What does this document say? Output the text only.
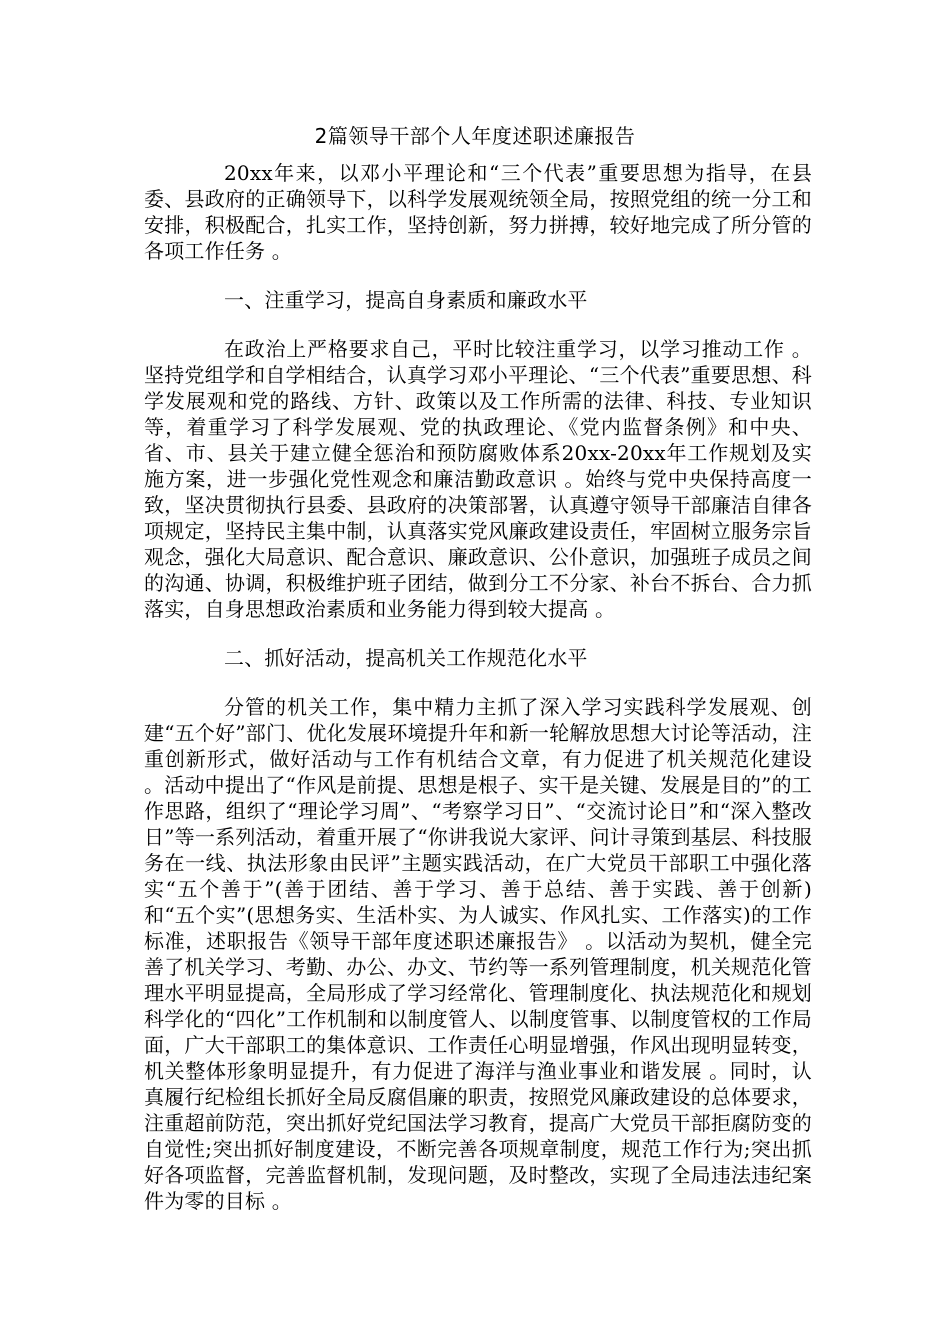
2篇领导干部个人年度述职述廉报告

20xx年来，以邓小平理论和“三个代表”重要思想为指导，在县委、县政府的正确领导下，以科学发展观统领全局，按照党组的统一分工和安排，积极配合，扎实工作，坚持创新，努力拼搏，较好地完成了所分管的各项工作任务 。

一、注重学习，提高自身素质和廉政水平

在政治上严格要求自己，平时比较注重学习，以学习推动工作 。坚持党组学和自学相结合，认真学习邓小平理论、“三个代表”重要思想、科学发展观和党的路线、方针、政策以及工作所需的法律、科技、专业知识等，着重学习了科学发展观、党的执政理论、《党内监督条例》和中央、省、市、县关于建立健全惩治和预防腐败体系20xx-20xx年工作规划及实施方案，进一步强化党性观念和廉洁勤政意识 。始终与党中央保持高度一致，坚决贯彻执行县委、县政府的决策部署，认真遵守领导干部廉洁自律各项规定，坚持民主集中制，认真落实党风廉政建设责任，牢固树立服务宗旨观念，强化大局意识、配合意识、廉政意识、公仆意识，加强班子成员之间的沟通、协调，积极维护班子团结，做到分工不分家、补台不拆台、合力抓落实，自身思想政治素质和业务能力得到较大提高 。

二、抓好活动，提高机关工作规范化水平

分管的机关工作，集中精力主抓了深入学习实践科学发展观、创建“五个好”部门、优化发展环境提升年和新一轮解放思想大讨论等活动，注重创新形式，做好活动与工作有机结合文章，有力促进了机关规范化建设 。活动中提出了“作风是前提、思想是根子、实干是关键、发展是目的”的工作思路，组织了“理论学习周”、“考察学习日”、“交流讨论日”和“深入整改日”等一系列活动，着重开展了“你讲我说大家评、问计寻策到基层、科技服务在一线、执法形象由民评”主题实践活动，在广大党员干部职工中强化落实“五个善于”(善于团结、善于学习、善于总结、善于实践、善于创新)和“五个实”(思想务实、生活朴实、为人诚实、作风扎实、工作落实)的工作标准，述职报告《领导干部年度述职述廉报告》 。以活动为契机，健全完善了机关学习、考勤、办公、办文、节约等一系列管理制度，机关规范化管理水平明显提高，全局形成了学习经常化、管理制度化、执法规范化和规划科学化的“四化”工作机制和以制度管人、以制度管事、以制度管权的工作局面，广大干部职工的集体意识、工作责任心明显增强，作风出现明显转变，机关整体形象明显提升，有力促进了海洋与渔业事业和谐发展 。同时，认真履行纪检组长抓好全局反腐倡廉的职责，按照党风廉政建设的总体要求，注重超前防范，突出抓好党纪国法学习教育，提高广大党员干部拒腐防变的自觉性;突出抓好制度建设，不断完善各项规章制度，规范工作行为;突出抓好各项监督，完善监督机制，发现问题，及时整改，实现了全局违法违纪案件为零的目标 。
